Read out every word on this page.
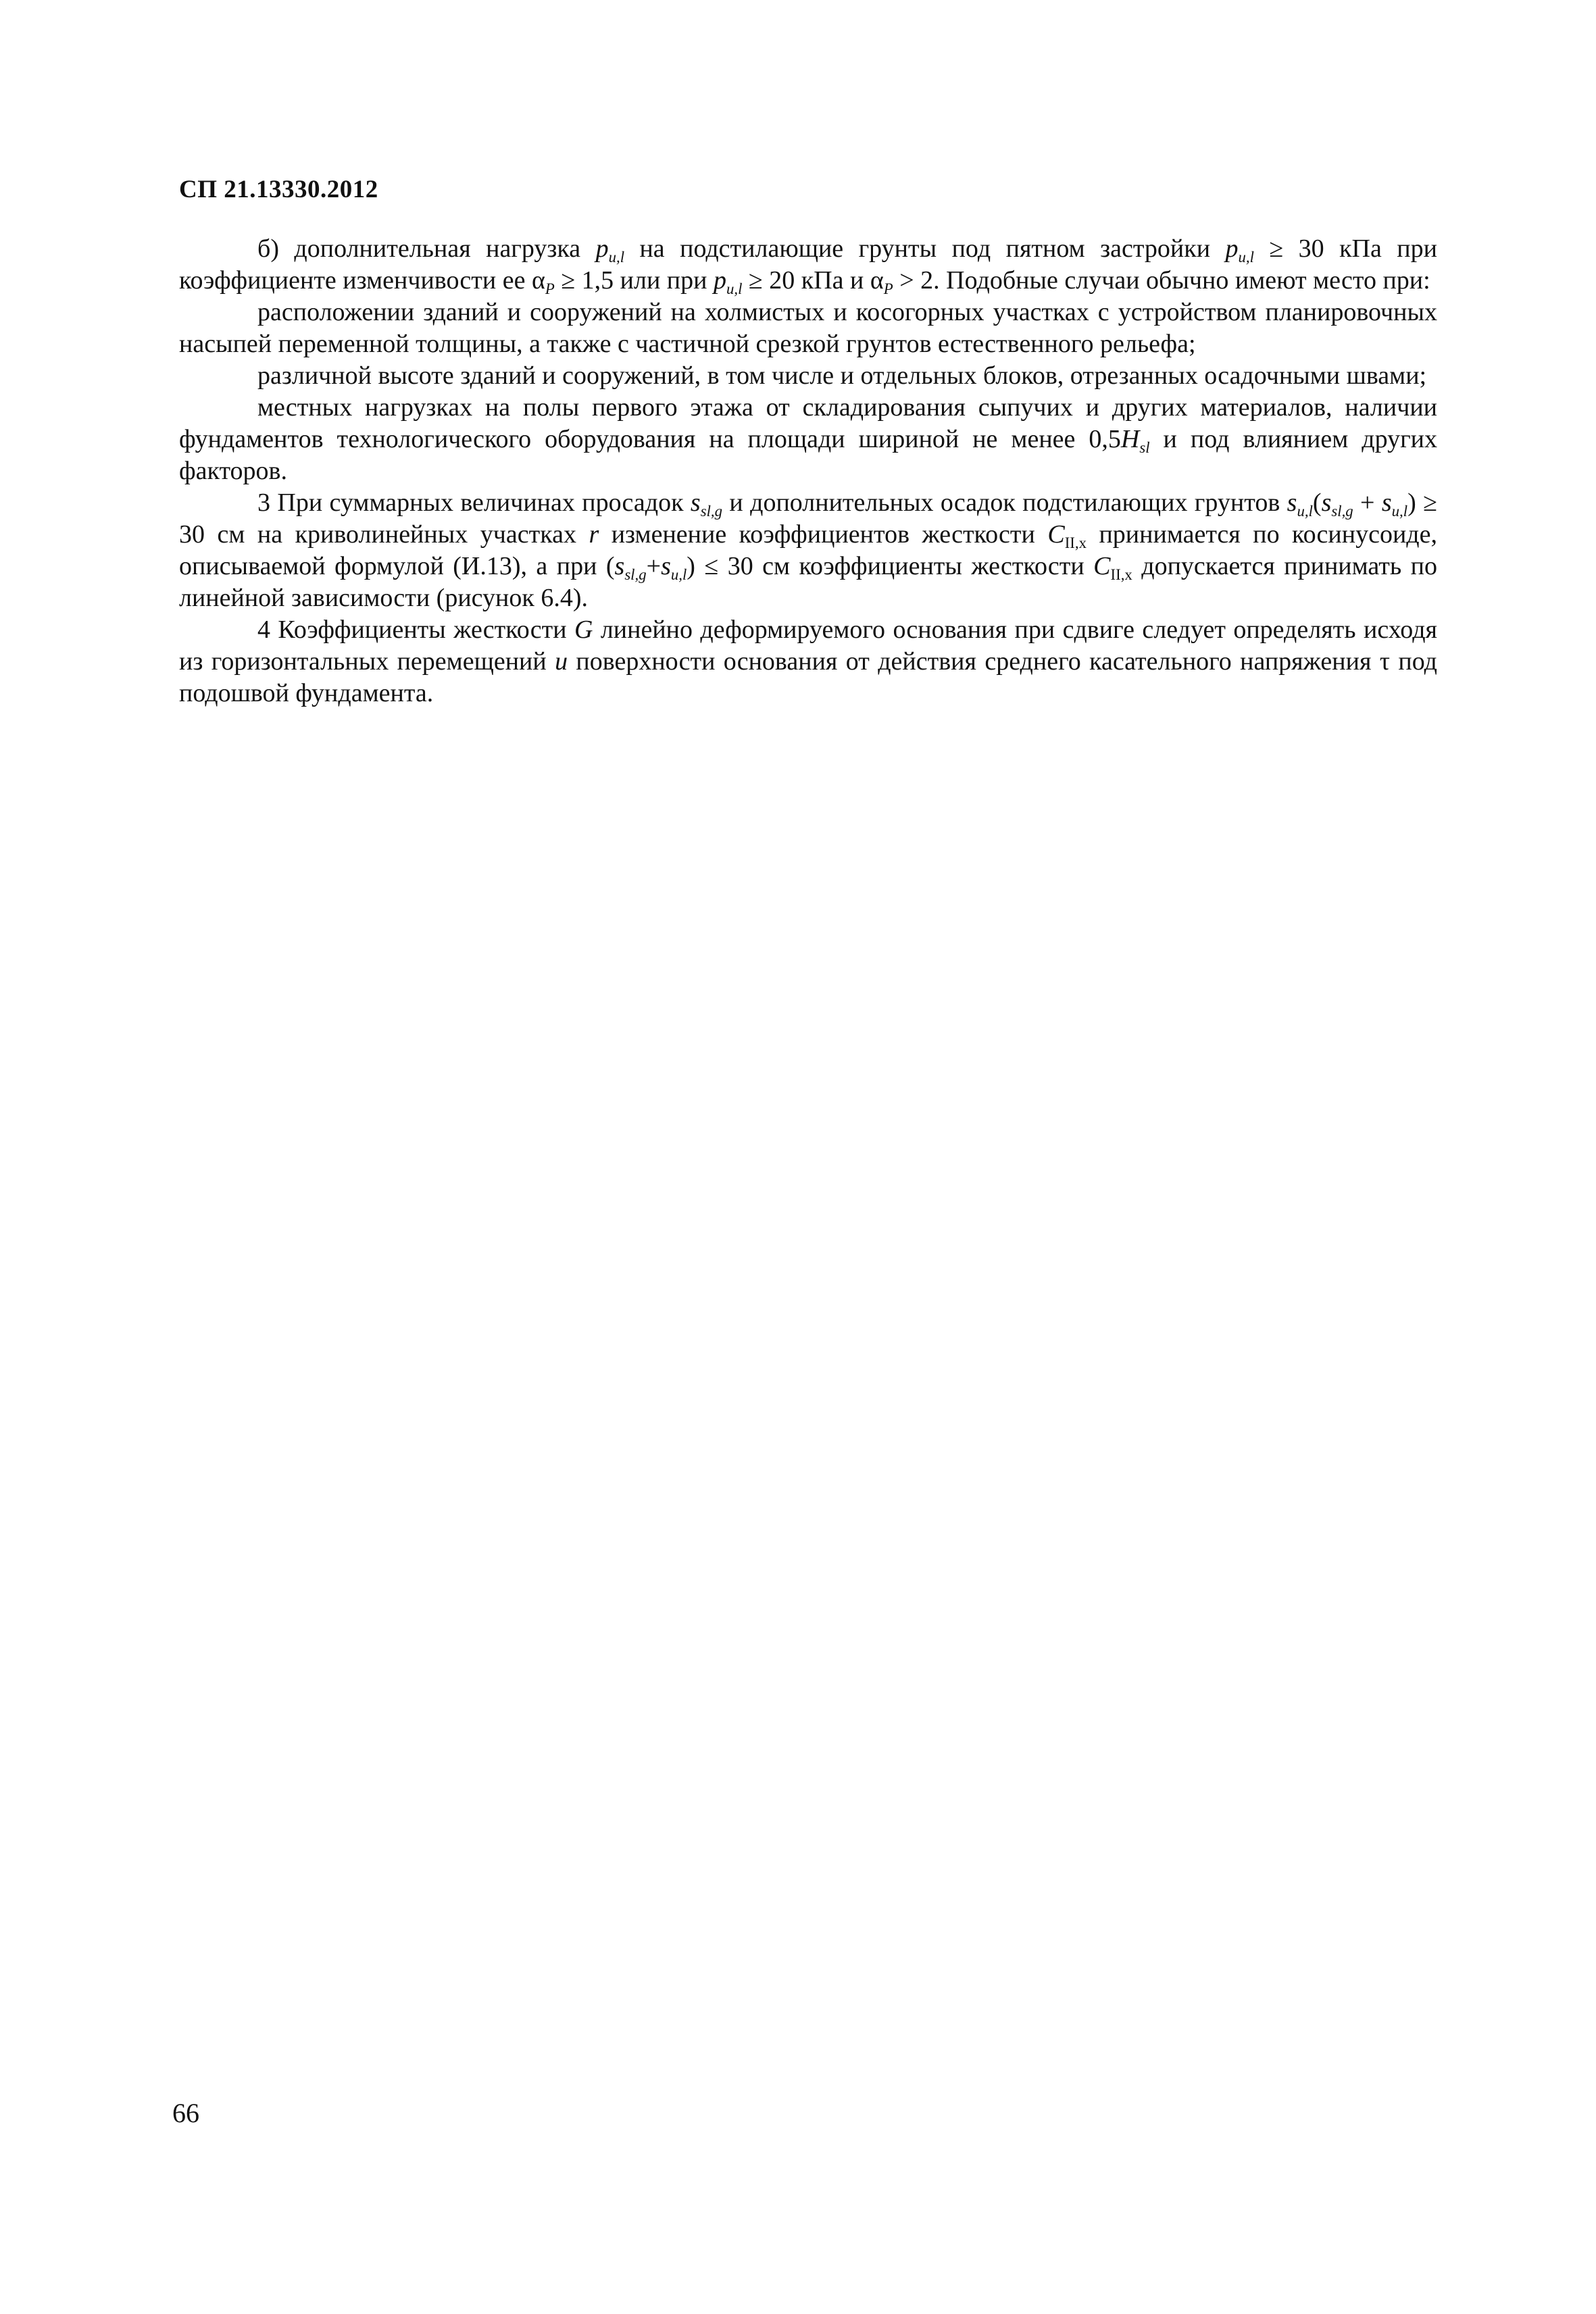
СП 21.13330.2012

б) дополнительная нагрузка $p_{u,l}$ на подстилающие грунты под пятном застройки $p_{u,l} \ge 30$ кПа при коэффициенте изменчивости ее $\alpha_P \ge 1,5$ или при $p_{u,l} \ge 20$ кПа и $\alpha_P > 2$. Подобные случаи обычно имеют место при:

расположении зданий и сооружений на холмистых и косогорных участках с устройством планировочных насыпей переменной толщины, а также с частичной срезкой грунтов естественного рельефа;

различной высоте зданий и сооружений, в том числе и отдельных блоков, отрезанных осадочными швами;

местных нагрузках на полы первого этажа от складирования сыпучих и других материалов, наличии фундаментов технологического оборудования на площади шириной не менее $0,5H_{sl}$ и под влиянием других факторов.

3 При суммарных величинах просадок $s_{sl,g}$ и дополнительных осадок подстилающих грунтов $s_{u,l}(s_{sl,g} + s_{u,l}) \ge 30$ см на криволинейных участках r изменение коэффициентов жесткости $C_{II,x}$ принимается по косинусоиде, описываемой формулой (И.13), а при $(s_{sl,g}+s_{u,l}) \le 30$ см коэффициенты жесткости $C_{II,x}$ допускается принимать по линейной зависимости (рисунок 6.4).

4 Коэффициенты жесткости G линейно деформируемого основания при сдвиге следует определять исходя из горизонтальных перемещений u поверхности основания от действия среднего касательного напряжения τ под подошвой фундамента.

66
